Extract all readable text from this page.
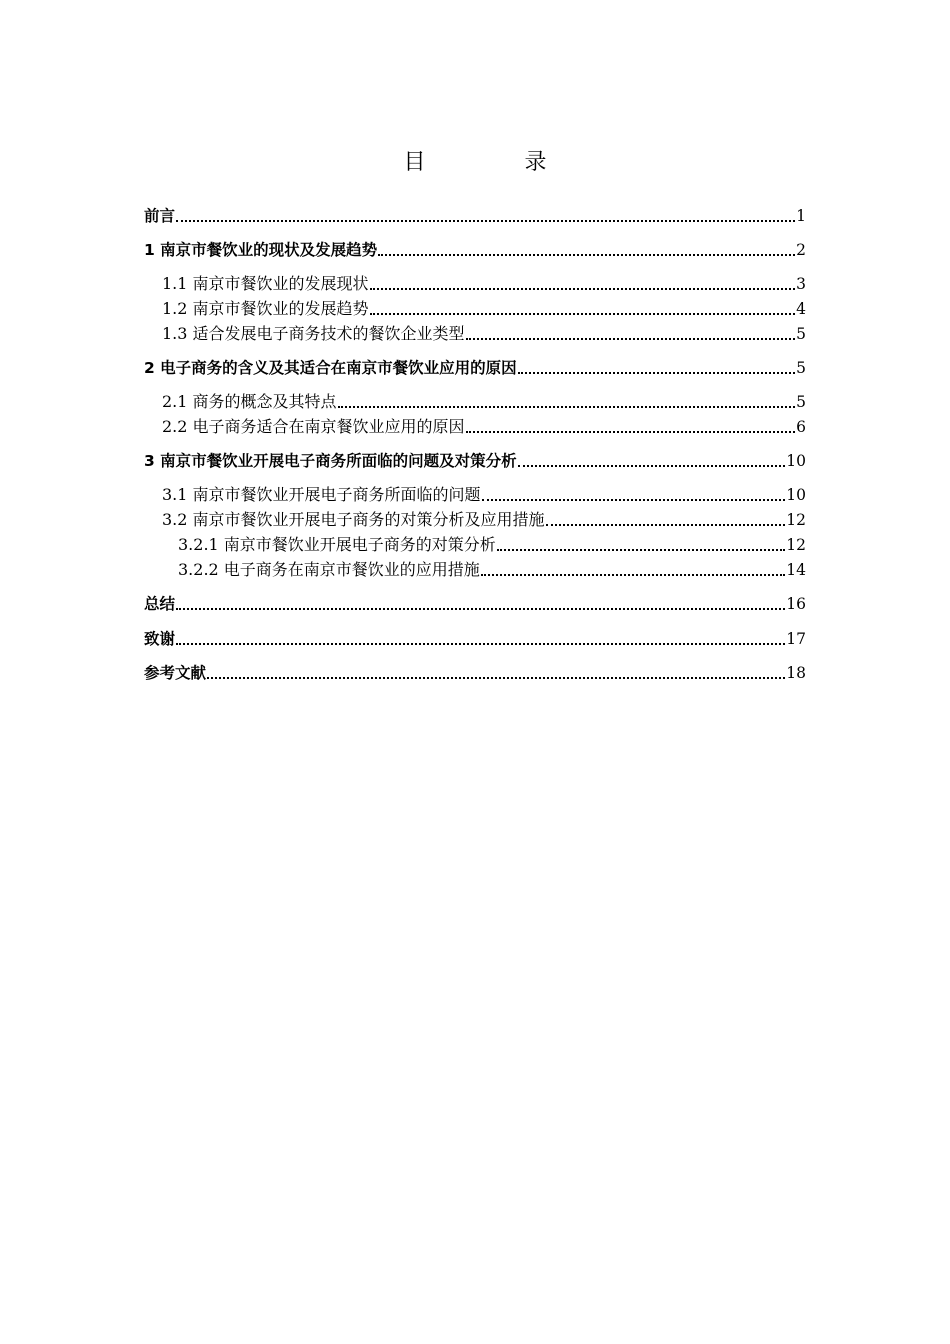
目 录
前言	1
1 南京市餐饮业的现状及发展趋势	2
1.1 南京市餐饮业的发展现状	3
1.2 南京市餐饮业的发展趋势	4
1.3 适合发展电子商务技术的餐饮企业类型	5
2 电子商务的含义及其适合在南京市餐饮业应用的原因	5
2.1 商务的概念及其特点	5
2.2 电子商务适合在南京餐饮业应用的原因	6
3 南京市餐饮业开展电子商务所面临的问题及对策分析	10
3.1 南京市餐饮业开展电子商务所面临的问题	10
3.2 南京市餐饮业开展电子商务的对策分析及应用措施	12
3.2.1 南京市餐饮业开展电子商务的对策分析	12
3.2.2 电子商务在南京市餐饮业的应用措施	14
总结	16
致谢	17
参考文献	18
